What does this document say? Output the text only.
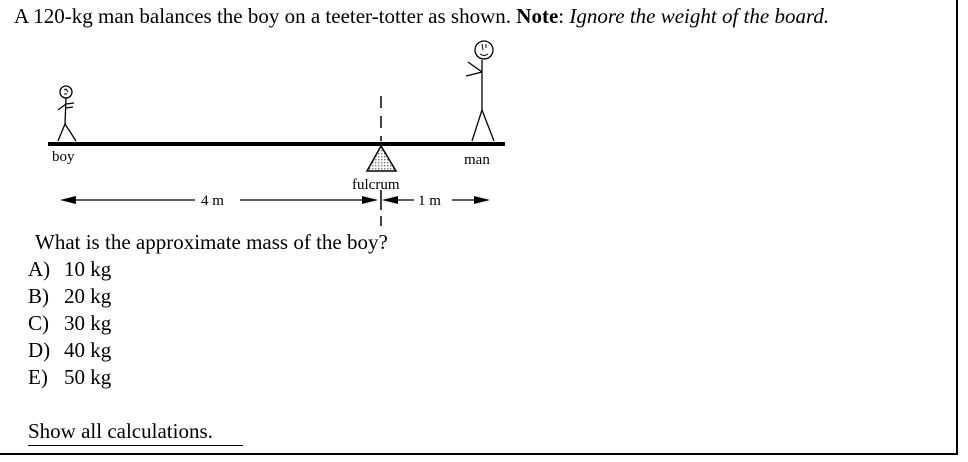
A 120-kg man balances the boy on a teeter-totter as shown. Note: Ignore the weight of the board.
boy	man
fulcrum
4 m	1 m
What is the approximate mass of the boy?
A) 10 kg
B) 20 kg
C) 30 kg
D) 40 kg
E) 50 kg
Show all calculations.
